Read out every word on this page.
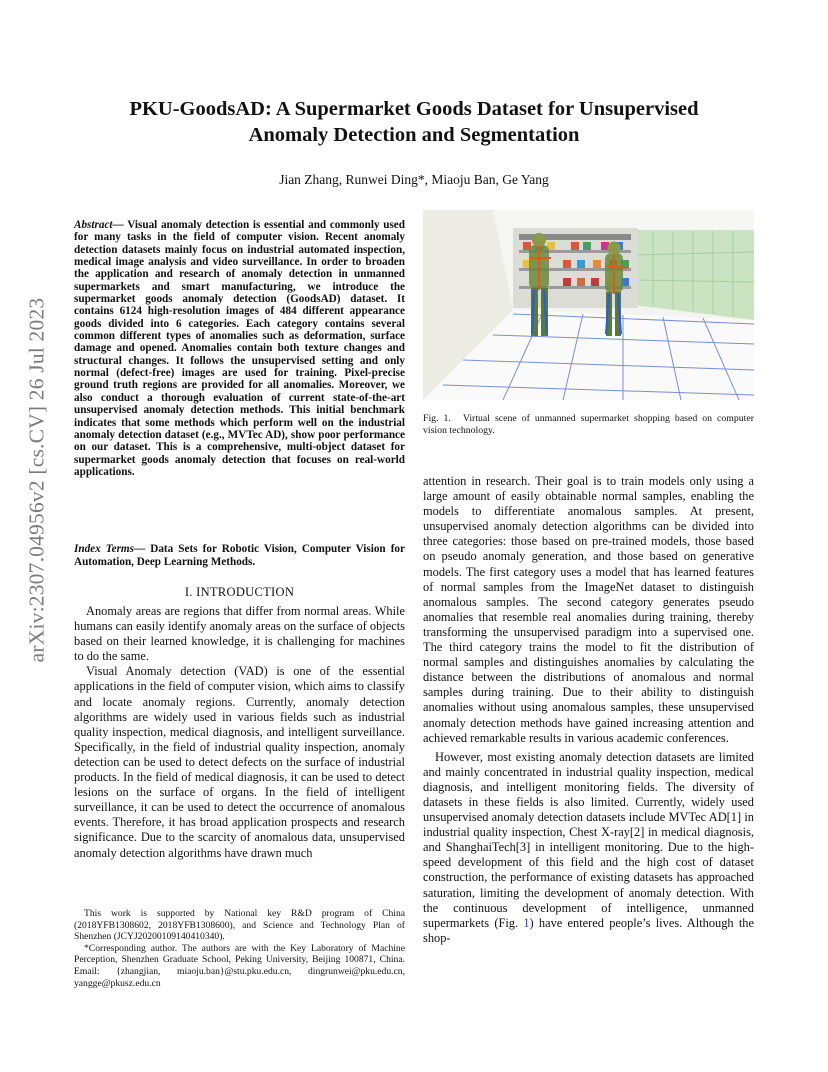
arXiv:2307.04956v2 [cs.CV] 26 Jul 2023
PKU-GoodsAD: A Supermarket Goods Dataset for Unsupervised
Anomaly Detection and Segmentation
Jian Zhang, Runwei Ding*, Miaoju Ban, Ge Yang
Abstract— Visual anomaly detection is essential and commonly used for many tasks in the field of computer vision. Recent anomaly detection datasets mainly focus on industrial automated inspection, medical image analysis and video surveillance. In order to broaden the application and research of anomaly detection in unmanned supermarkets and smart manufacturing, we introduce the supermarket goods anomaly detection (GoodsAD) dataset. It contains 6124 high-resolution images of 484 different appearance goods divided into 6 categories. Each category contains several common different types of anomalies such as deformation, surface damage and opened. Anomalies contain both texture changes and structural changes. It follows the unsupervised setting and only normal (defect-free) images are used for training. Pixel-precise ground truth regions are provided for all anomalies. Moreover, we also conduct a thorough evaluation of current state-of-the-art unsupervised anomaly detection methods. This initial benchmark indicates that some methods which perform well on the industrial anomaly detection dataset (e.g., MVTec AD), show poor performance on our dataset. This is a comprehensive, multi-object dataset for supermarket goods anomaly detection that focuses on real-world applications.
Index Terms— Data Sets for Robotic Vision, Computer Vision for Automation, Deep Learning Methods.
I. INTRODUCTION

Anomaly areas are regions that differ from normal areas. While humans can easily identify anomaly areas on the surface of objects based on their learned knowledge, it is challenging for machines to do the same.

Visual Anomaly detection (VAD) is one of the essential applications in the field of computer vision, which aims to classify and locate anomaly regions. Currently, anomaly detection algorithms are widely used in various fields such as industrial quality inspection, medical diagnosis, and intelligent surveillance. Specifically, in the field of industrial quality inspection, anomaly detection can be used to detect defects on the surface of industrial products. In the field of medical diagnosis, it can be used to detect lesions on the surface of organs. In the field of intelligent surveillance, it can be used to detect the occurrence of anomalous events. Therefore, it has broad application prospects and research significance. Due to the scarcity of anomalous data, unsupervised anomaly detection algorithms have drawn much

This work is supported by National key R&D program of China (2018YFB1308602, 2018YFB1308600), and Science and Technology Plan of Shenzhen (JCYJ20200109140410340).

*Corresponding author. The authors are with the Key Laboratory of Machine Perception, Shenzhen Graduate School, Peking University, Beijing 100871, China. Email: {zhangjian, miaoju.ban}@stu.pku.edu.cn, dingrunwei@pku.edu.cn, yangge@pkusz.edu.cn

Fig. 1. Virtual scene of unmanned supermarket shopping based on computer vision technology.

attention in research. Their goal is to train models only using a large amount of easily obtainable normal samples, enabling the models to differentiate anomalous samples. At present, unsupervised anomaly detection algorithms can be divided into three categories: those based on pre-trained models, those based on pseudo anomaly generation, and those based on generative models. The first category uses a model that has learned features of normal samples from the ImageNet dataset to distinguish anomalous samples. The second category generates pseudo anomalies that resemble real anomalies during training, thereby transforming the unsupervised paradigm into a supervised one. The third category trains the model to fit the distribution of normal samples and distinguishes anomalies by calculating the distance between the distributions of anomalous and normal samples during training. Due to their ability to distinguish anomalies without using anomalous samples, these unsupervised anomaly detection methods have gained increasing attention and achieved remarkable results in various academic conferences.

However, most existing anomaly detection datasets are limited and mainly concentrated in industrial quality inspection, medical diagnosis, and intelligent monitoring fields. The diversity of datasets in these fields is also limited. Currently, widely used unsupervised anomaly detection datasets include MVTec AD[1] in industrial quality inspection, Chest X-ray[2] in medical diagnosis, and ShanghaiTech[3] in intelligent monitoring. Due to the high-speed development of this field and the high cost of dataset construction, the performance of existing datasets has approached saturation, limiting the development of anomaly detection. With the continuous development of intelligence, unmanned supermarkets (Fig. 1) have entered people’s lives. Although the shop-
